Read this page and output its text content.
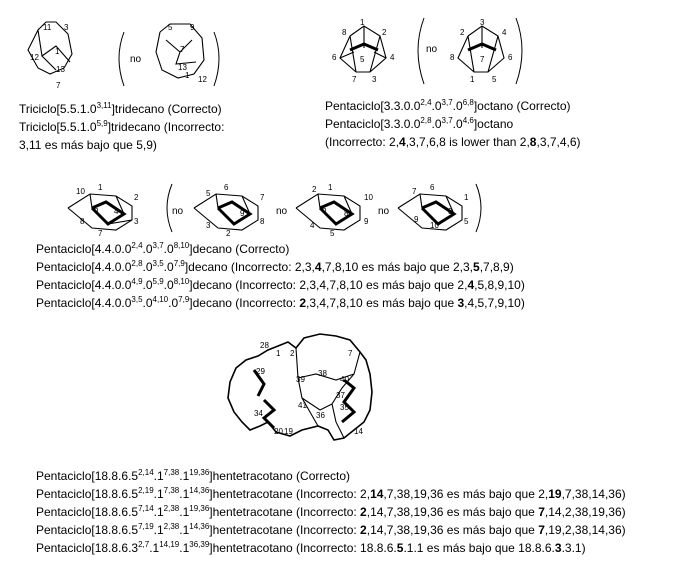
11 3
1
12
13
7
no
5 9
7
13
1 12
Triciclo[5.5.1.0$^{3,11}$]tridecano (Correcto)
Triciclo[5.5.1.0$^{5,9}$]tridecano (Incorrecto:
3,11 es más bajo que 5,9)
8
1
2
6	5	4
7 3
no
2
3
4
8	6
7
1 5
Pentaciclo[3.3.0.0$^{2,4}$.0$^{3,7}$.0$^{6,8}$]octano (Correcto)
Pentaciclo[3.3.0.0$^{2,8}$.0$^{3,7}$.0$^{4,6}$]octano
(Incorrecto: 2,4,3,7,6,8 is lower than 2,8,3,7,4,6)
10 1
2
6 4
8
7
3
no
5
6
7
9
3
2
8
no
2 1
10
6 8
4
5
9
no
7 6
1
9
3
10	5
Pentaciclo[4.4.0.0$^{2,4}$.0$^{3,7}$.0$^{8,10}$]decano (Correcto)
Pentaciclo[4.4.0.0$^{2,8}$.0$^{3,5}$.0$^{7,9}$]decano (Incorrecto: 2,3,4,7,8,10 es más bajo que 2,3,5,7,8,9)
Pentaciclo[4.4.0.0$^{4,9}$.0$^{5,9}$.0$^{8,10}$]decano (Incorrecto: 2,3,4,7,8,10 es más bajo que 2,4,5,8,9,10)
Pentaciclo[4.4.0.0$^{3,5}$.0$^{4,10}$.0$^{7,9}$]decano (Incorrecto: 2,3,4,7,8,10 es más bajo que 3,4,5,7,9,10)
28
1 2	7
29
39
38
40
37
41
34
35
36
20 19	14
Pentaciclo[18.8.6.5$^{2,14}$.1$^{7,38}$.1$^{19,36}$]hentetracotano (Correcto)
Pentaciclo[18.8.6.5$^{2,19}$.1$^{7,38}$.1$^{14,36}$]hentetracotane (Incorrecto: 2,14,7,38,19,36 es más bajo que 2,19,7,38,14,36)
Pentaciclo[18.8.6.5$^{7,14}$.1$^{2,38}$.1$^{19,36}$]hentetracotane (Incorrecto: 2,14,7,38,19,36 es más bajo que 7,14,2,38,19,36)
Pentaciclo[18.8.6.5$^{7,19}$.1$^{2,38}$.1$^{14,36}$]hentetracotane (Incorrecto: 2,14,7,38,19,36 es más bajo que 7,19,2,38,14,36)
Pentaciclo[18.8.6.3$^{2,7}$.1$^{14,19}$.1$^{36,39}$]hentetracotano (Incorrecto: 18.8.6.5.1.1 es más bajo que 18.8.6.3.3.1)
